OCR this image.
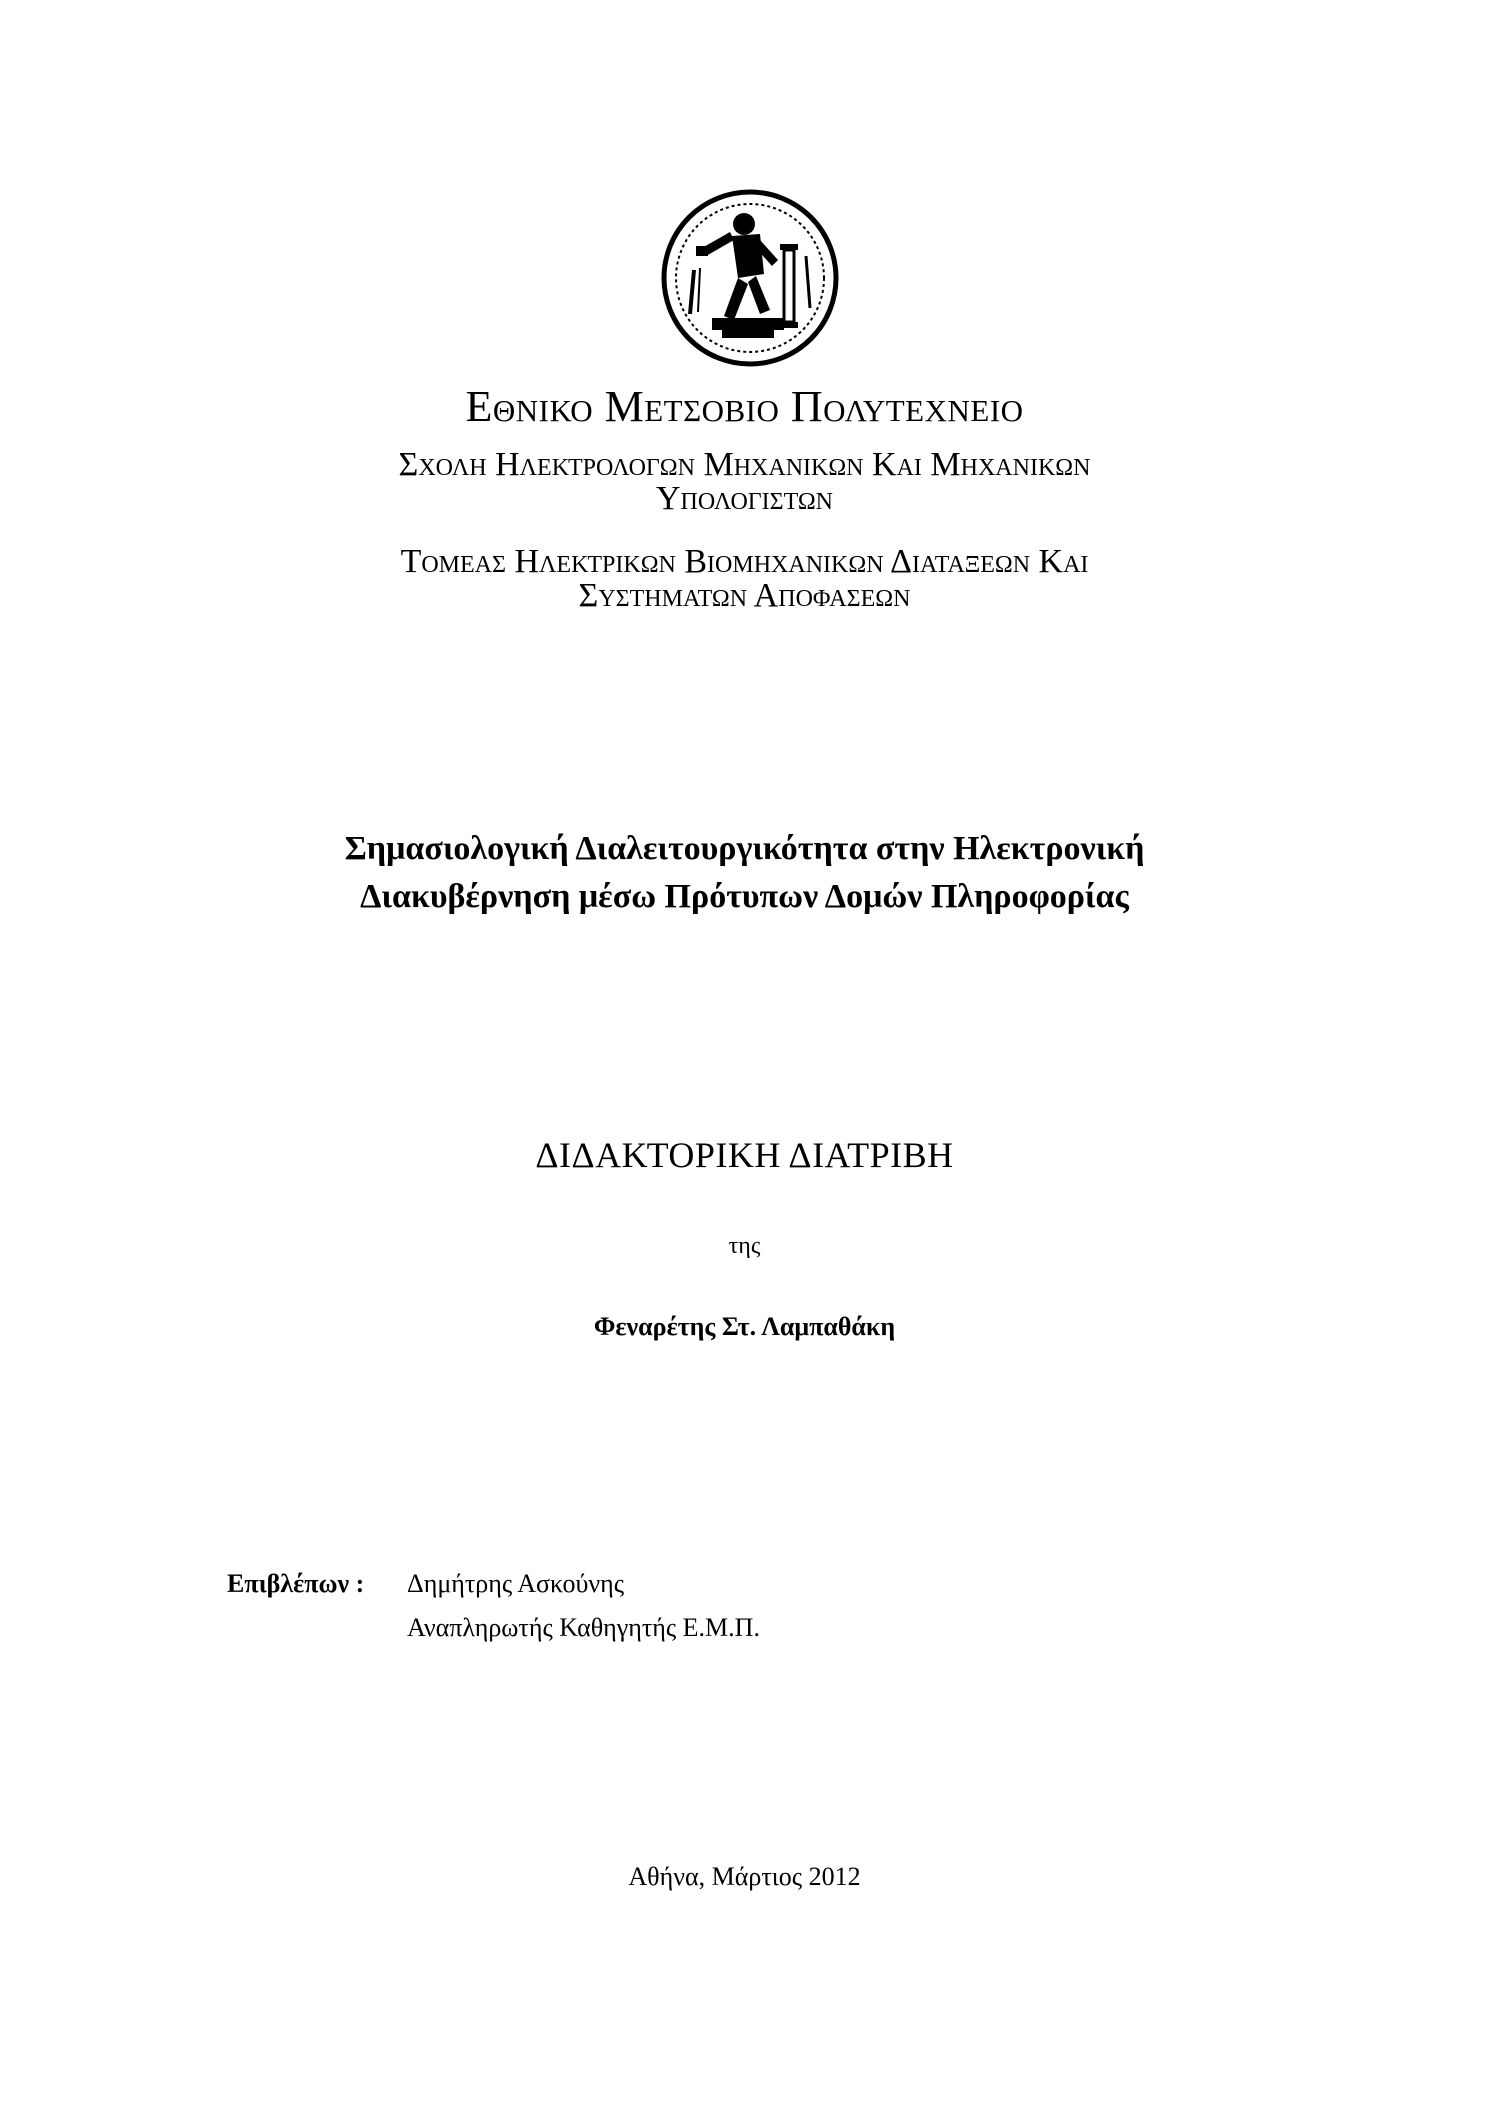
Εθνικο Μετσοβιο Πολυτεχνειο

Σχολη Ηλεκτρολογων Μηχανικων Και Μηχανικων
Υπολογιστων
Τομεας Ηλεκτρικων Βιομηχανικων Διαταξεων Και
Συστηματων Αποφασεων
Σημασιολογική Διαλειτουργικότητα στην Ηλεκτρονική
Διακυβέρνηση μέσω Πρότυπων Δομών Πληροφορίας
ΔΙΔΑΚΤΟΡΙΚΗ ΔΙΑΤΡΙΒΗ
της
Φεναρέτης Στ. Λαμπαθάκη
Επιβλέπων : Δημήτρης Ασκούνης
Αναπληρωτής Καθηγητής Ε.Μ.Π.
Αθήνα, Μάρτιος 2012
